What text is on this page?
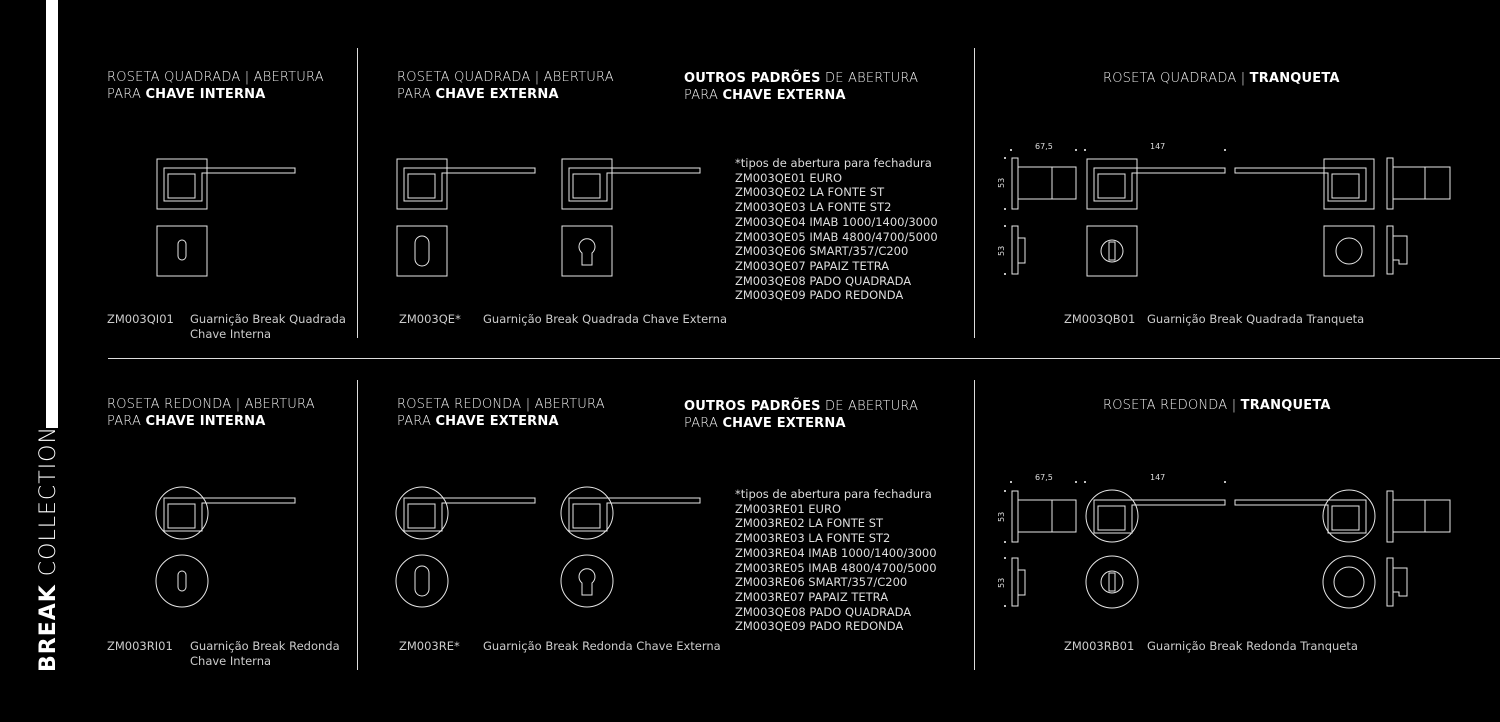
BREAK COLLECTION
ROSETA QUADRADA | ABERTURA
PARA CHAVE INTERNA
ROSETA QUADRADA | ABERTURA
PARA CHAVE EXTERNA
OUTROS PADRÕES DE ABERTURA
PARA CHAVE EXTERNA
ROSETA QUADRADA | TRANQUETA
*tipos de abertura para fechadura
ZM003QE01 EURO
ZM003QE02 LA FONTE ST
ZM003QE03 LA FONTE ST2
ZM003QE04 IMAB 1000/1400/3000
ZM003QE05 IMAB 4800/4700/5000
ZM003QE06 SMART/357/C200
ZM003QE07 PAPAIZ TETRA
ZM003QE08 PADO QUADRADA
ZM003QE09 PADO REDONDA
67,5	147
53
53
ZM003QI01 Guarnição Break Quadrada
Chave Interna
ZM003QE* Guarnição Break Quadrada Chave Externa	ZM003QB01 Guarnição Break Quadrada Tranqueta
ROSETA REDONDA | ABERTURA
PARA CHAVE INTERNA
ROSETA REDONDA | ABERTURA
PARA CHAVE EXTERNA
OUTROS PADRÕES DE ABERTURA
PARA CHAVE EXTERNA
ROSETA REDONDA | TRANQUETA
*tipos de abertura para fechadura
ZM003RE01 EURO
ZM003RE02 LA FONTE ST
ZM003RE03 LA FONTE ST2
ZM003RE04 IMAB 1000/1400/3000
ZM003RE05 IMAB 4800/4700/5000
ZM003RE06 SMART/357/C200
ZM003RE07 PAPAIZ TETRA
ZM003QE08 PADO QUADRADA
ZM003QE09 PADO REDONDA
67,5	147
53
53
ZM003RI01 Guarnição Break Redonda
Chave Interna
ZM003RE* Guarnição Break Redonda Chave Externa	ZM003RB01 Guarnição Break Redonda Tranqueta
